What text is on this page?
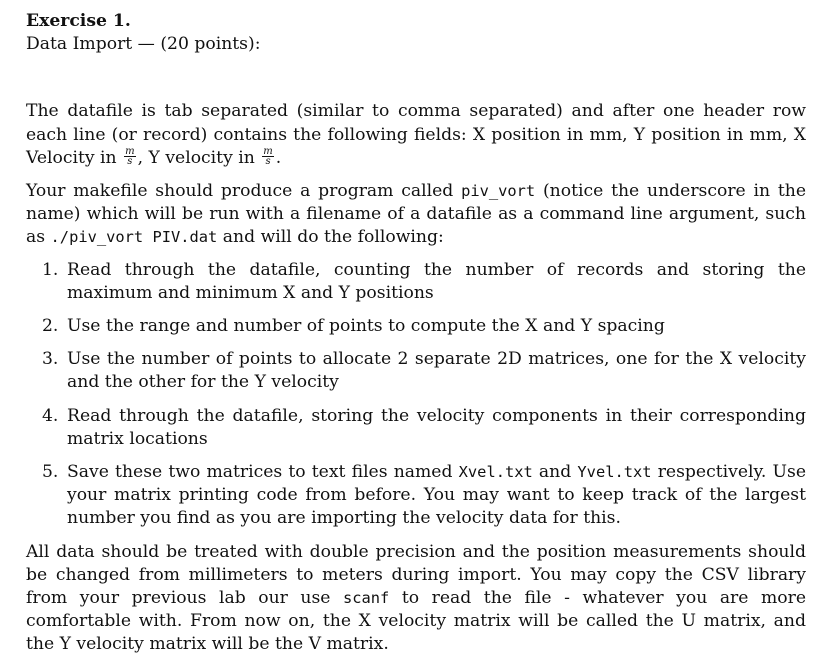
Exercise 1.

Data Import — (20 points):

The datafile is tab separated (similar to comma separated) and after one header row each line (or record) contains the following fields: X position in mm, Y position in mm, X Velocity in $\frac{m}{s}$ , Y velocity in $\frac{m}{s}$ .

Your makefile should produce a program called piv_vort (notice the underscore in the name) which will be run with a filename of a datafile as a command line argument, such as ./piv_vort PIV.dat and will do the following:

1. Read through the datafile, counting the number of records and storing the maximum and minimum X and Y positions
2. Use the range and number of points to compute the X and Y spacing
3. Use the number of points to allocate 2 separate 2D matrices, one for the X velocity and the other for the Y velocity
4. Read through the datafile, storing the velocity components in their corresponding matrix locations
5. Save these two matrices to text files named Xvel.txt and Yvel.txt respectively. Use your matrix printing code from before. You may want to keep track of the largest number you find as you are importing the velocity data for this.

All data should be treated with double precision and the position measurements should be changed from millimeters to meters during import. You may copy the CSV library from your previous lab our use scanf to read the file - whatever you are more comfortable with. From now on, the X velocity matrix will be called the U matrix, and the Y velocity matrix will be the V matrix.
